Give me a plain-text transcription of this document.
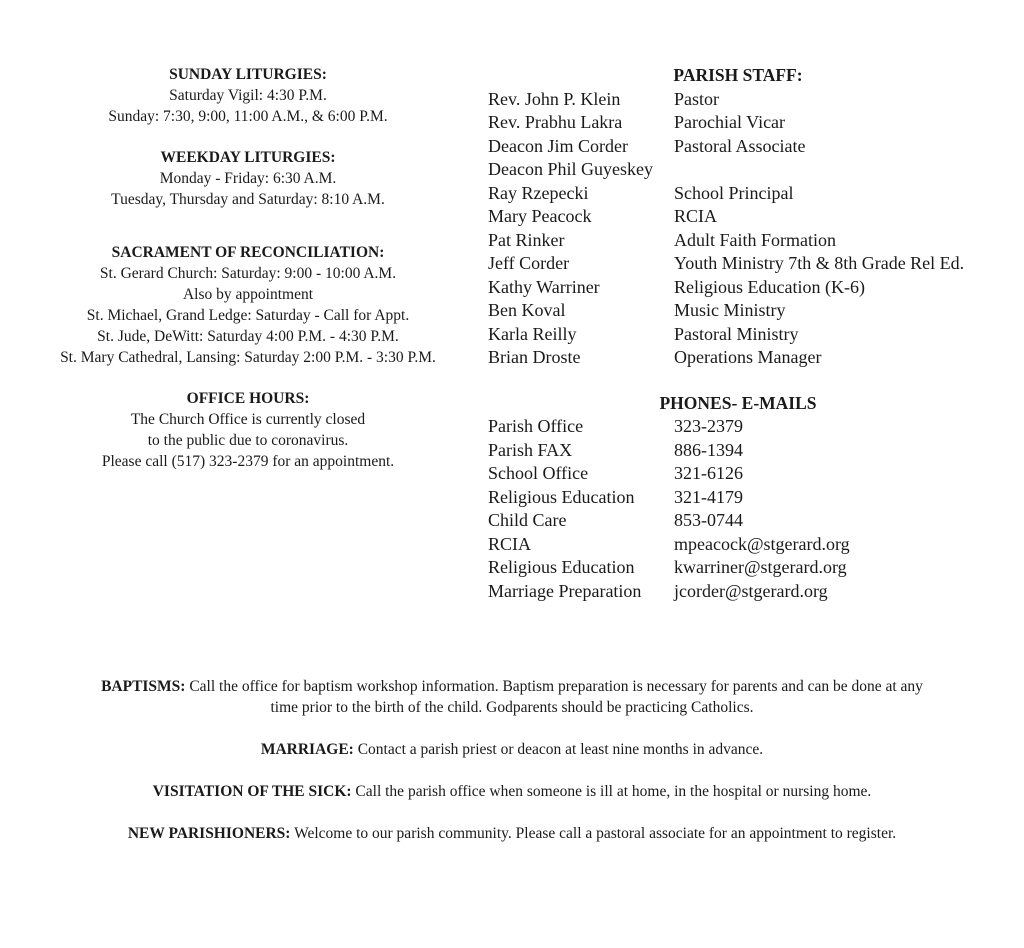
SUNDAY LITURGIES:
Saturday Vigil: 4:30 P.M.
Sunday: 7:30, 9:00, 11:00 A.M., & 6:00 P.M.
WEEKDAY LITURGIES:
Monday - Friday: 6:30 A.M.
Tuesday, Thursday and Saturday: 8:10 A.M.
SACRAMENT OF RECONCILIATION:
St. Gerard Church: Saturday: 9:00 - 10:00 A.M.
Also by appointment
St. Michael, Grand Ledge: Saturday - Call for Appt.
St. Jude, DeWitt: Saturday 4:00 P.M. - 4:30 P.M.
St. Mary Cathedral, Lansing: Saturday 2:00 P.M. - 3:30 P.M.
OFFICE HOURS:
The Church Office is currently closed
to the public due to coronavirus.
Please call (517) 323-2379 for an appointment.
PARISH STAFF:
Rev. John P. Klein	Pastor
Rev. Prabhu Lakra	Parochial Vicar
Deacon Jim Corder	Pastoral Associate
Deacon Phil Guyeskey
Ray Rzepecki	School Principal
Mary Peacock	RCIA
Pat Rinker	Adult Faith Formation
Jeff Corder	Youth Ministry 7th & 8th Grade Rel Ed.
Kathy Warriner	Religious Education (K-6)
Ben Koval	Music Ministry
Karla Reilly	Pastoral Ministry
Brian Droste	Operations Manager
PHONES- E-MAILS
Parish Office	323-2379
Parish FAX	886-1394
School Office	321-6126
Religious Education	321-4179
Child Care	853-0744
RCIA	mpeacock@stgerard.org
Religious Education	kwarriner@stgerard.org
Marriage Preparation	jcorder@stgerard.org

BAPTISMS: Call the office for baptism workshop information. Baptism preparation is necessary for parents and can be done at any
time prior to the birth of the child. Godparents should be practicing Catholics.

MARRIAGE: Contact a parish priest or deacon at least nine months in advance.

VISITATION OF THE SICK: Call the parish office when someone is ill at home, in the hospital or nursing home.

NEW PARISHIONERS: Welcome to our parish community. Please call a pastoral associate for an appointment to register.
